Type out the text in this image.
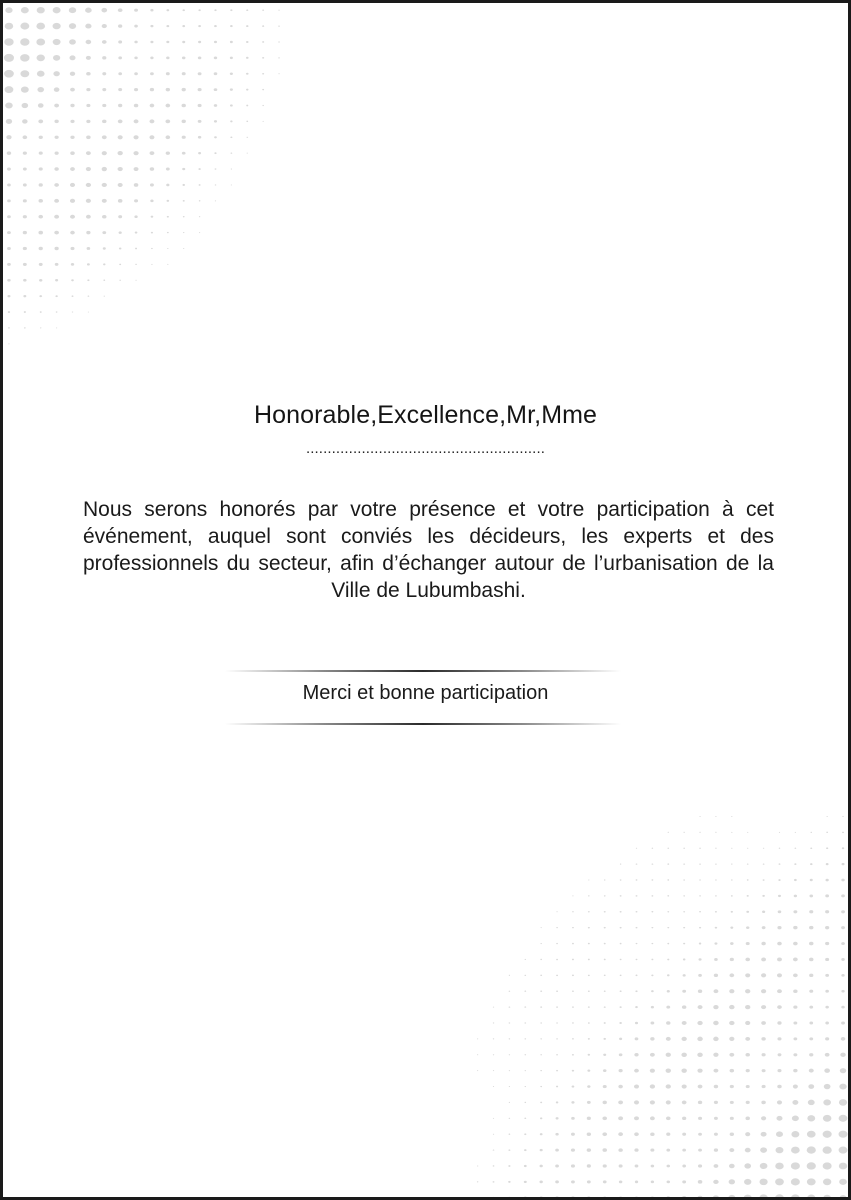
Honorable,Excellence,Mr,Mme
........................................................
Nous serons honorés par votre présence et votre participation à cet événement, auquel sont conviés les décideurs, les experts et des professionnels du secteur, afin d’échanger autour de l’urbanisation de la Ville de Lubumbashi.
Merci et bonne participation
